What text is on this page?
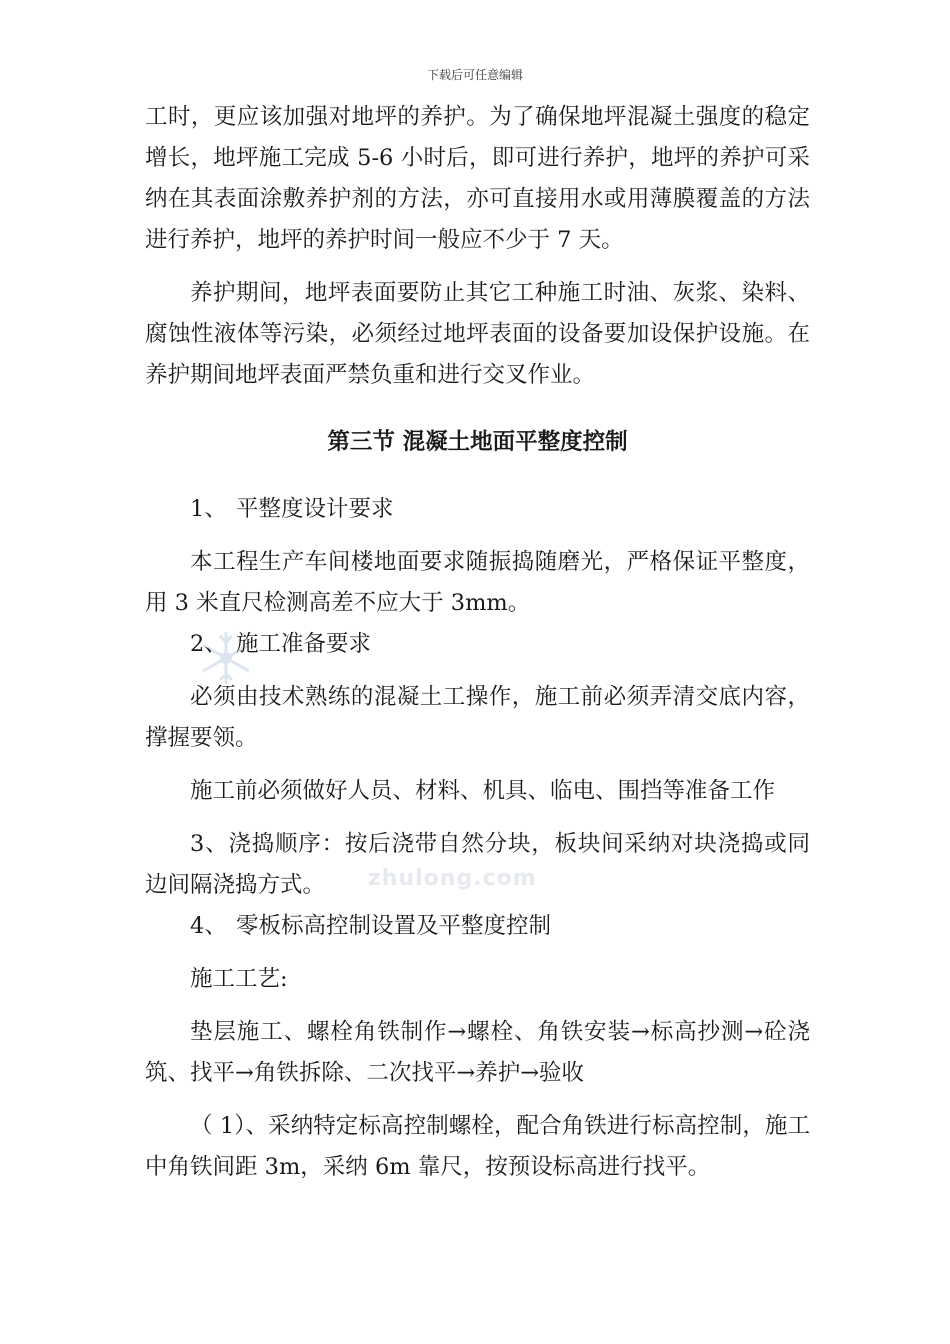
下载后可任意编辑
zhulong.com

工时，更应该加强对地坪的养护。为了确保地坪混凝土强度的稳定增长，地坪施工完成 5-6 小时后，即可进行养护，地坪的养护可采纳在其表面涂敷养护剂的方法，亦可直接用水或用薄膜覆盖的方法进行养护，地坪的养护时间一般应不少于 7 天。

养护期间，地坪表面要防止其它工种施工时油、灰浆、染料、腐蚀性液体等污染，必须经过地坪表面的设备要加设保护设施。在养护期间地坪表面严禁负重和进行交叉作业。

第三节 混凝土地面平整度控制

1、 平整度设计要求

本工程生产车间楼地面要求随振捣随磨光，严格保证平整度，用 3 米直尺检测高差不应大于 3mm。

2、 施工准备要求

必须由技术熟练的混凝土工操作，施工前必须弄清交底内容，撑握要领。

施工前必须做好人员、材料、机具、临电、围挡等准备工作

3、浇捣顺序：按后浇带自然分块，板块间采纳对块浇捣或同边间隔浇捣方式。

4、 零板标高控制设置及平整度控制

施工工艺:

垫层施工、螺栓角铁制作→螺栓、角铁安装→标高抄测→砼浇筑、找平→角铁拆除、二次找平→养护→验收

（ 1）、采纳特定标高控制螺栓，配合角铁进行标高控制，施工中角铁间距 3m，采纳 6m 靠尺，按预设标高进行找平。
